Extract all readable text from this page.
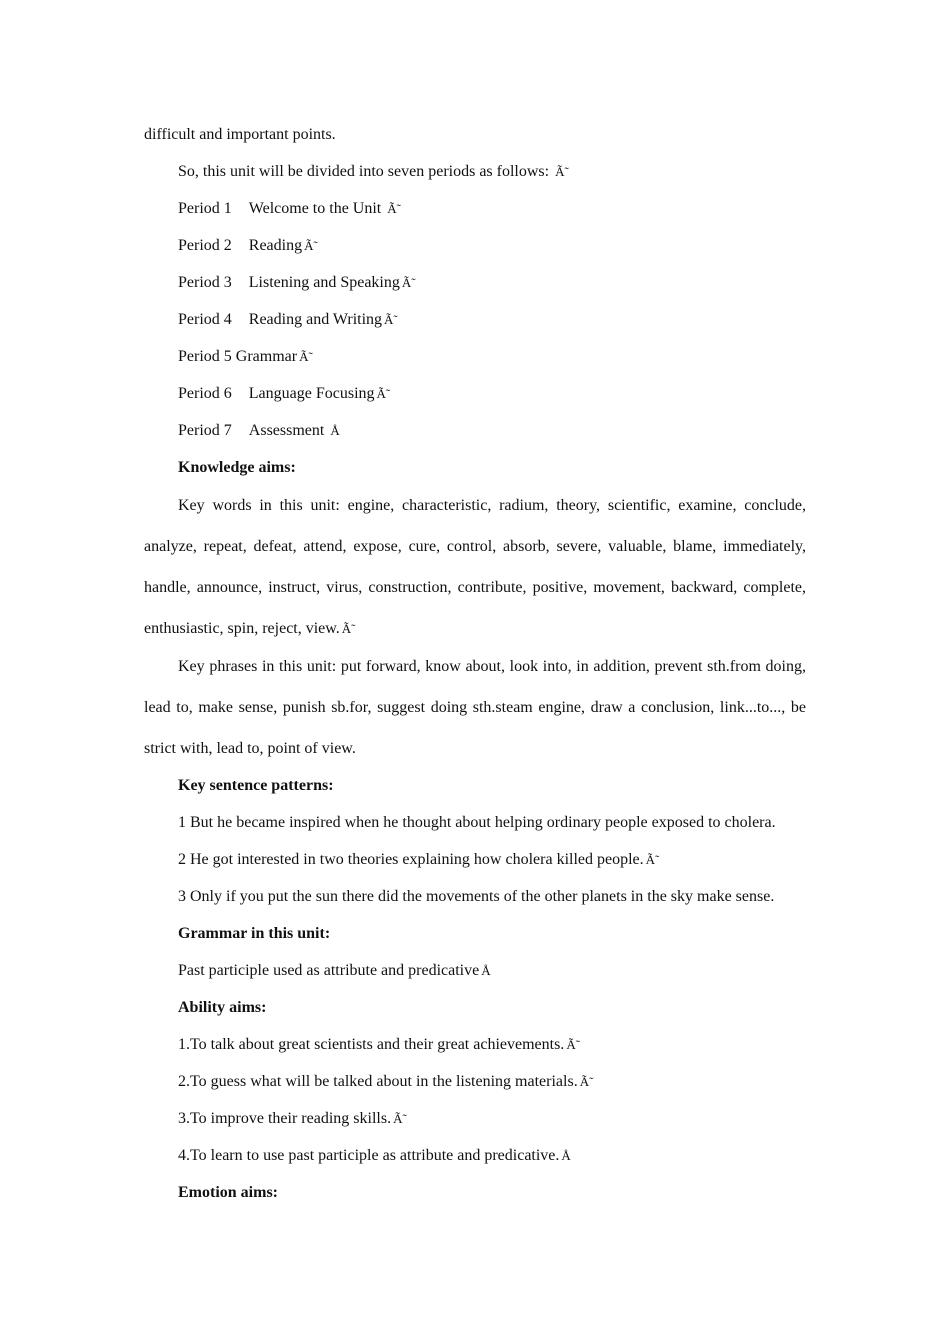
difficult and important points.
So, this unit will be divided into seven periods as follows: Ã̃
Period 1 Welcome to the Unit Ã̃
Period 2 Reading Ã̃
Period 3 Listening and Speaking Ã̃
Period 4 Reading and Writing Ã̃
Period 5 Grammar Ã̃
Period 6 Language Focusing Ã̃
Period 7 Assessment Å
Knowledge aims:
Key words in this unit: engine, characteristic, radium, theory, scientific, examine, conclude, analyze, repeat, defeat, attend, expose, cure, control, absorb, severe, valuable, blame, immediately, handle, announce, instruct, virus, construction, contribute, positive, movement, backward, complete, enthusiastic, spin, reject, view. Ã̃
Key phrases in this unit: put forward, know about, look into, in addition, prevent sth.from doing, lead to, make sense, punish sb.for, suggest doing sth.steam engine, draw a conclusion, link...to..., be strict with, lead to, point of view.
Key sentence patterns:
1 But he became inspired when he thought about helping ordinary people exposed to cholera.
2 He got interested in two theories explaining how cholera killed people. Ã̃
3 Only if you put the sun there did the movements of the other planets in the sky make sense.
Grammar in this unit:
Past participle used as attribute and predicative Å
Ability aims:
1.To talk about great scientists and their great achievements. Ã̃
2.To guess what will be talked about in the listening materials. Ã̃
3.To improve their reading skills. Ã̃
4.To learn to use past participle as attribute and predicative. Å
Emotion aims:
